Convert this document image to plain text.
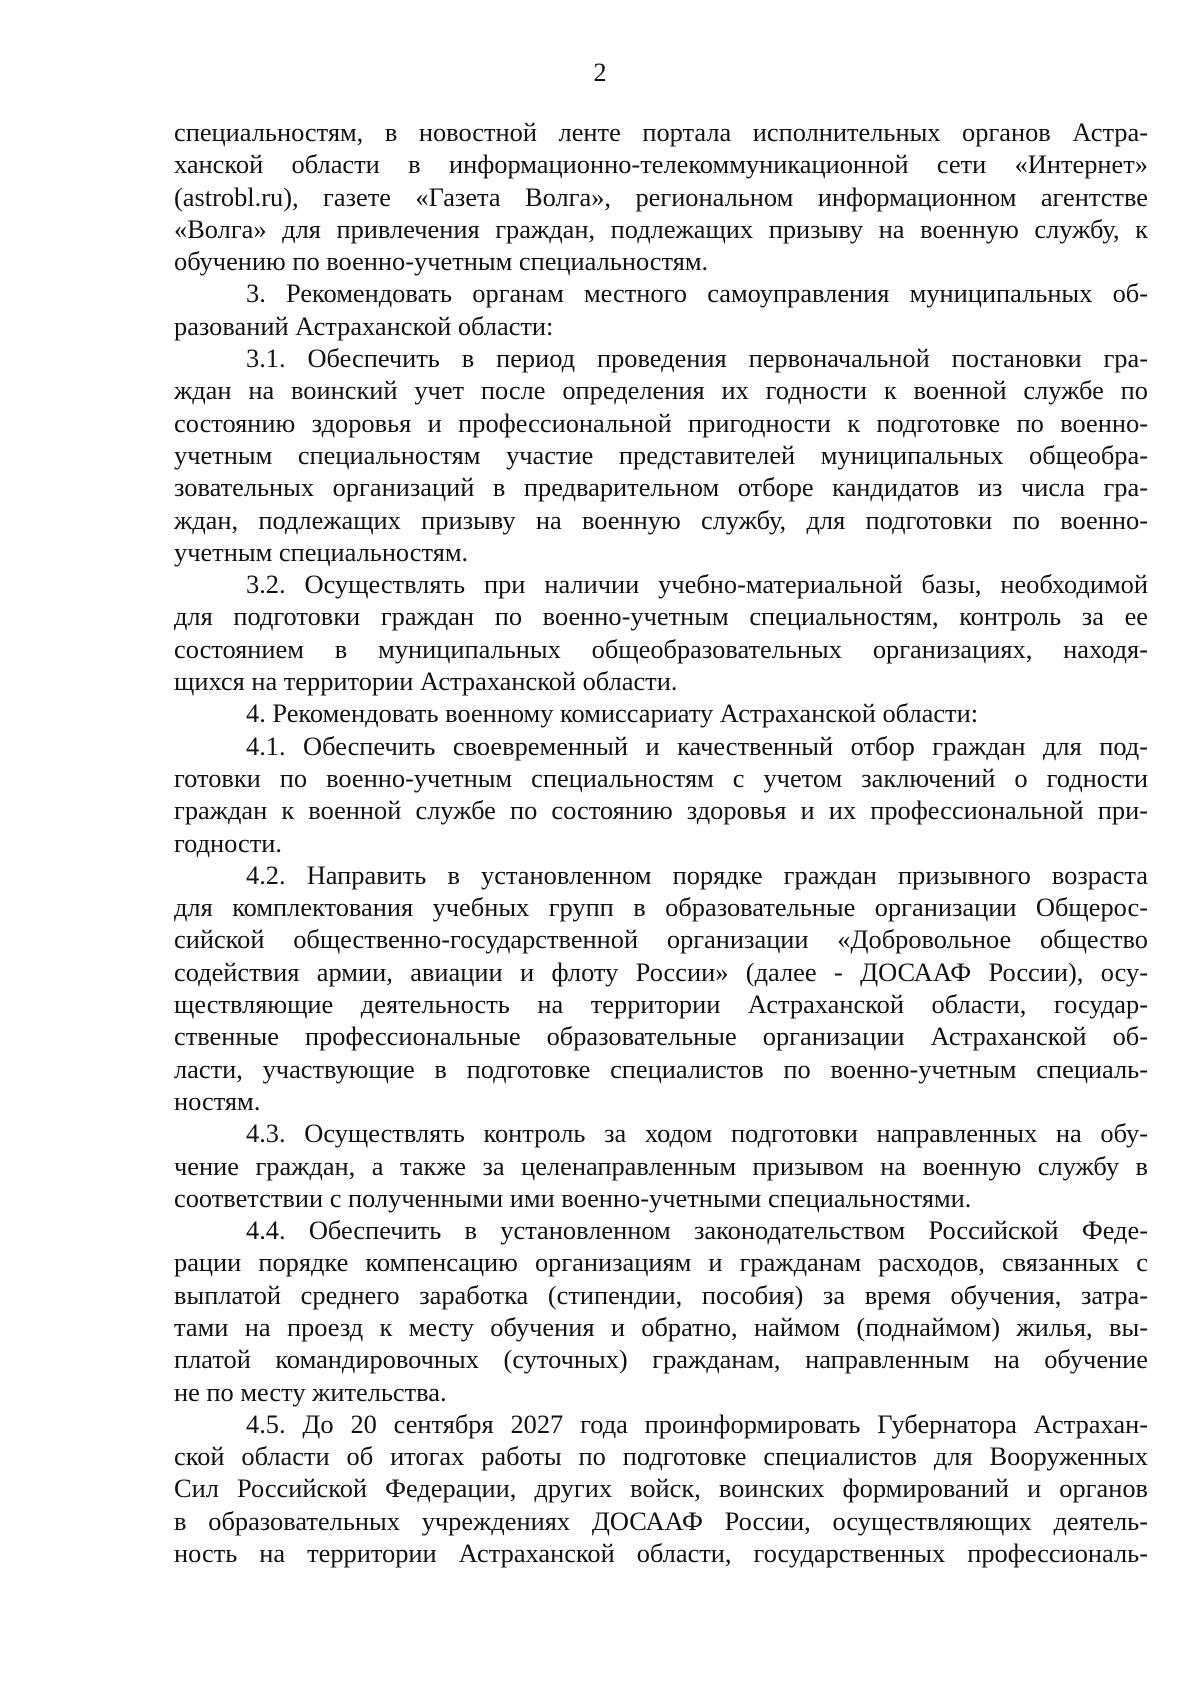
2
специальностям, в новостной ленте портала исполнительных органов Астра-
ханской области в информационно-телекоммуникационной сети «Интернет»
(astrobl.ru), газете «Газета Волга», региональном информационном агентстве
«Волга» для привлечения граждан, подлежащих призыву на военную службу, к
обучению по военно-учетным специальностям.
3. Рекомендовать органам местного самоуправления муниципальных об-
разований Астраханской области:
3.1. Обеспечить в период проведения первоначальной постановки гра-
ждан на воинский учет после определения их годности к военной службе по
состоянию здоровья и профессиональной пригодности к подготовке по военно-
учетным специальностям участие представителей муниципальных общеобра-
зовательных организаций в предварительном отборе кандидатов из числа гра-
ждан, подлежащих призыву на военную службу, для подготовки по военно-
учетным специальностям.
3.2. Осуществлять при наличии учебно-материальной базы, необходимой
для подготовки граждан по военно-учетным специальностям, контроль за ее
состоянием в муниципальных общеобразовательных организациях, находя-
щихся на территории Астраханской области.
4. Рекомендовать военному комиссариату Астраханской области:
4.1. Обеспечить своевременный и качественный отбор граждан для под-
готовки по военно-учетным специальностям с учетом заключений о годности
граждан к военной службе по состоянию здоровья и их профессиональной при-
годности.
4.2. Направить в установленном порядке граждан призывного возраста
для комплектования учебных групп в образовательные организации Общерос-
сийской общественно-государственной организации «Добровольное общество
содействия армии, авиации и флоту России» (далее - ДОСААФ России), осу-
ществляющие деятельность на территории Астраханской области, государ-
ственные профессиональные образовательные организации Астраханской об-
ласти, участвующие в подготовке специалистов по военно-учетным специаль-
ностям.
4.3. Осуществлять контроль за ходом подготовки направленных на обу-
чение граждан, а также за целенаправленным призывом на военную службу в
соответствии с полученными ими военно-учетными специальностями.
4.4. Обеспечить в установленном законодательством Российской Феде-
рации порядке компенсацию организациям и гражданам расходов, связанных с
выплатой среднего заработка (стипендии, пособия) за время обучения, затра-
тами на проезд к месту обучения и обратно, наймом (поднаймом) жилья, вы-
платой командировочных (суточных) гражданам, направленным на обучение
не по месту жительства.
4.5. До 20 сентября 2027 года проинформировать Губернатора Астрахан-
ской области об итогах работы по подготовке специалистов для Вооруженных
Сил Российской Федерации, других войск, воинских формирований и органов
в образовательных учреждениях ДОСААФ России, осуществляющих деятель-
ность на территории Астраханской области, государственных профессиональ-
